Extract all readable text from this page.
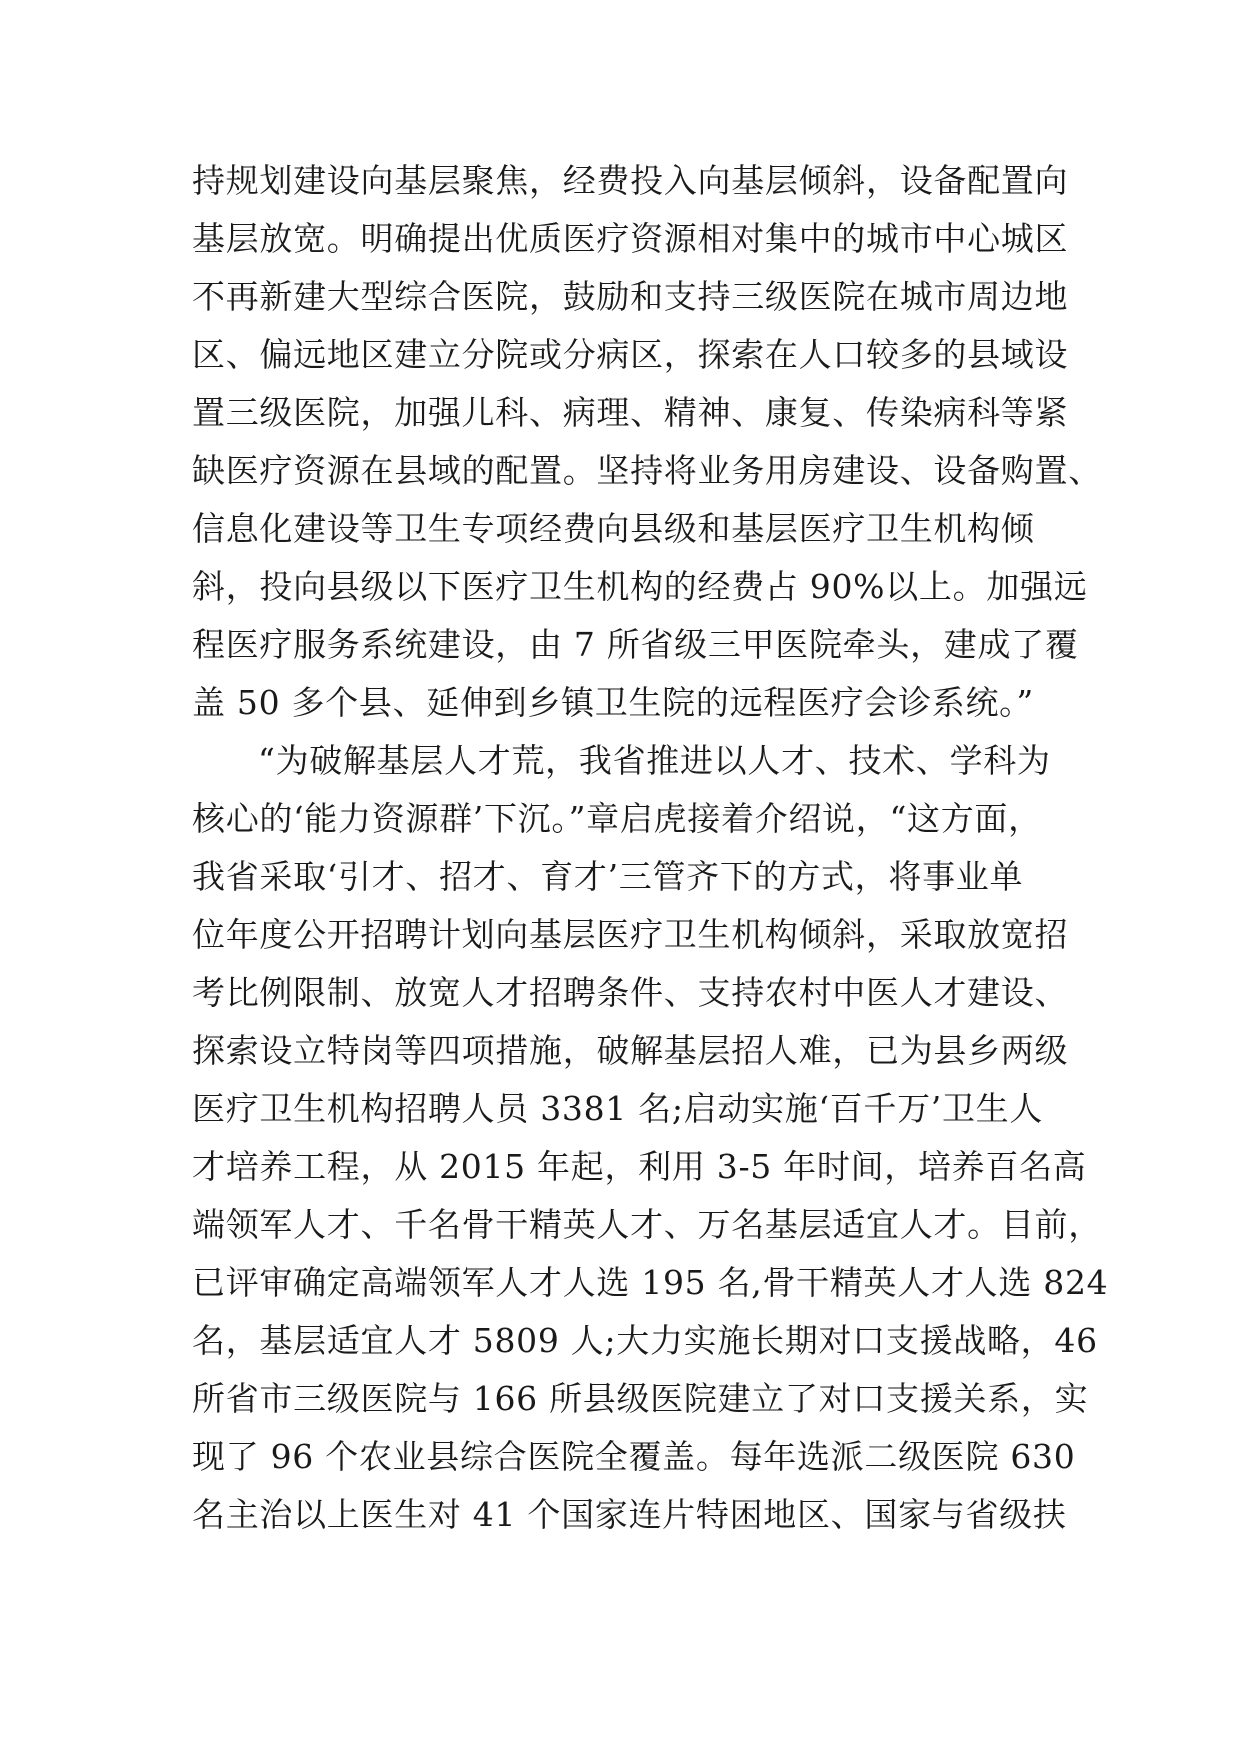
持规划建设向基层聚焦，经费投入向基层倾斜，设备配置向
基层放宽。明确提出优质医疗资源相对集中的城市中心城区
不再新建大型综合医院，鼓励和支持三级医院在城市周边地
区、偏远地区建立分院或分病区，探索在人口较多的县域设
置三级医院，加强儿科、病理、精神、康复、传染病科等紧
缺医疗资源在县域的配置。坚持将业务用房建设、设备购置、
信息化建设等卫生专项经费向县级和基层医疗卫生机构倾
斜，投向县级以下医疗卫生机构的经费占 90%以上。加强远
程医疗服务系统建设，由 7 所省级三甲医院牵头，建成了覆
盖 50 多个县、延伸到乡镇卫生院的远程医疗会诊系统。”
“为破解基层人才荒，我省推进以人才、技术、学科为
核心的‘能力资源群’下沉。”章启虎接着介绍说，“这方面，
我省采取‘引才、招才、育才’三管齐下的方式，将事业单
位年度公开招聘计划向基层医疗卫生机构倾斜，采取放宽招
考比例限制、放宽人才招聘条件、支持农村中医人才建设、
探索设立特岗等四项措施，破解基层招人难，已为县乡两级
医疗卫生机构招聘人员 3381 名;启动实施‘百千万’卫生人
才培养工程，从 2015 年起，利用 3-5 年时间，培养百名高
端领军人才、千名骨干精英人才、万名基层适宜人才。目前，
已评审确定高端领军人才人选 195 名,骨干精英人才人选 824
名，基层适宜人才 5809 人;大力实施长期对口支援战略，46
所省市三级医院与 166 所县级医院建立了对口支援关系，实
现了 96 个农业县综合医院全覆盖。每年选派二级医院 630
名主治以上医生对 41 个国家连片特困地区、国家与省级扶
